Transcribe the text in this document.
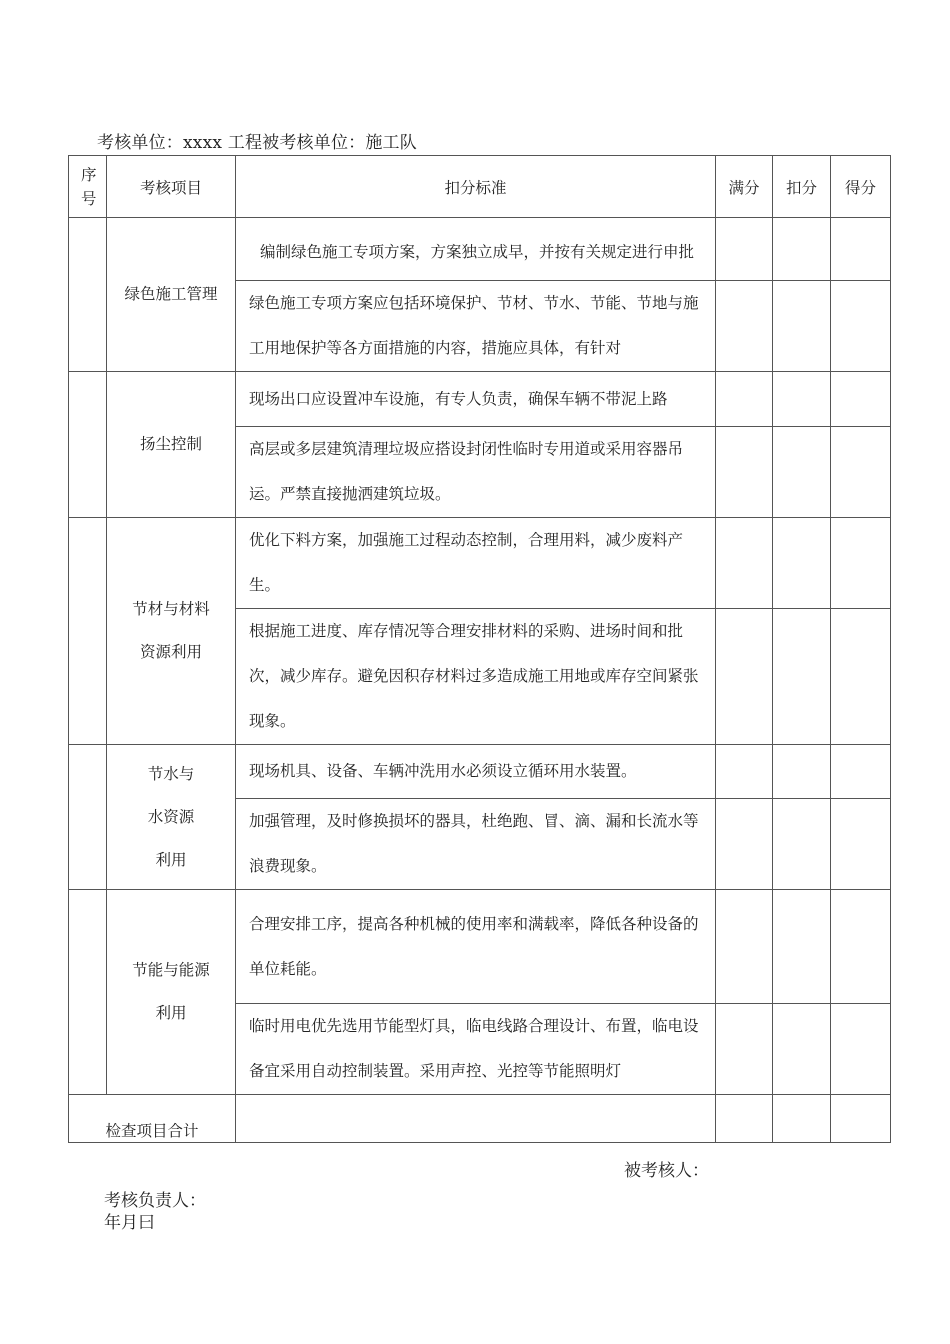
考核单位：xxxx 工程被考核单位：施工队
序号	考核项目	扣分标准	满分	扣分	得分
	绿色施工管理	编制绿色施工专项方案，方案独立成早，并按有关规定进行申批			
		绿色施工专项方案应包括环境保护、节材、节水、节能、节地与施工用地保护等各方面措施的内容，措施应具体，有针对			
	扬尘控制	现场出口应设置冲车设施，有专人负责，确保车辆不带泥上路			
		高层或多层建筑清理垃圾应搭设封闭性临时专用道或采用容器吊运。严禁直接抛洒建筑垃圾。			
	节材与材料资源利用	优化下料方案，加强施工过程动态控制，合理用料，减少废料产生。			
		根据施工进度、库存情况等合理安排材料的采购、进场时间和批次，减少库存。避免因积存材料过多造成施工用地或库存空间紧张现象。			
	节水与水资源利用	现场机具、设备、车辆冲洗用水必须设立循环用水装置。			
		加强管理，及时修换损坏的器具，杜绝跑、冒、滴、漏和长流水等浪费现象。			
	节能与能源利用	合理安排工序，提高各种机械的使用率和满载率，降低各种设备的单位耗能。			
		临时用电优先选用节能型灯具，临电线路合理设计、布置，临电设备宜采用自动控制装置。采用声控、光控等节能照明灯			
检查项目合计					
被考核人：
考核负责人：
年月曰
